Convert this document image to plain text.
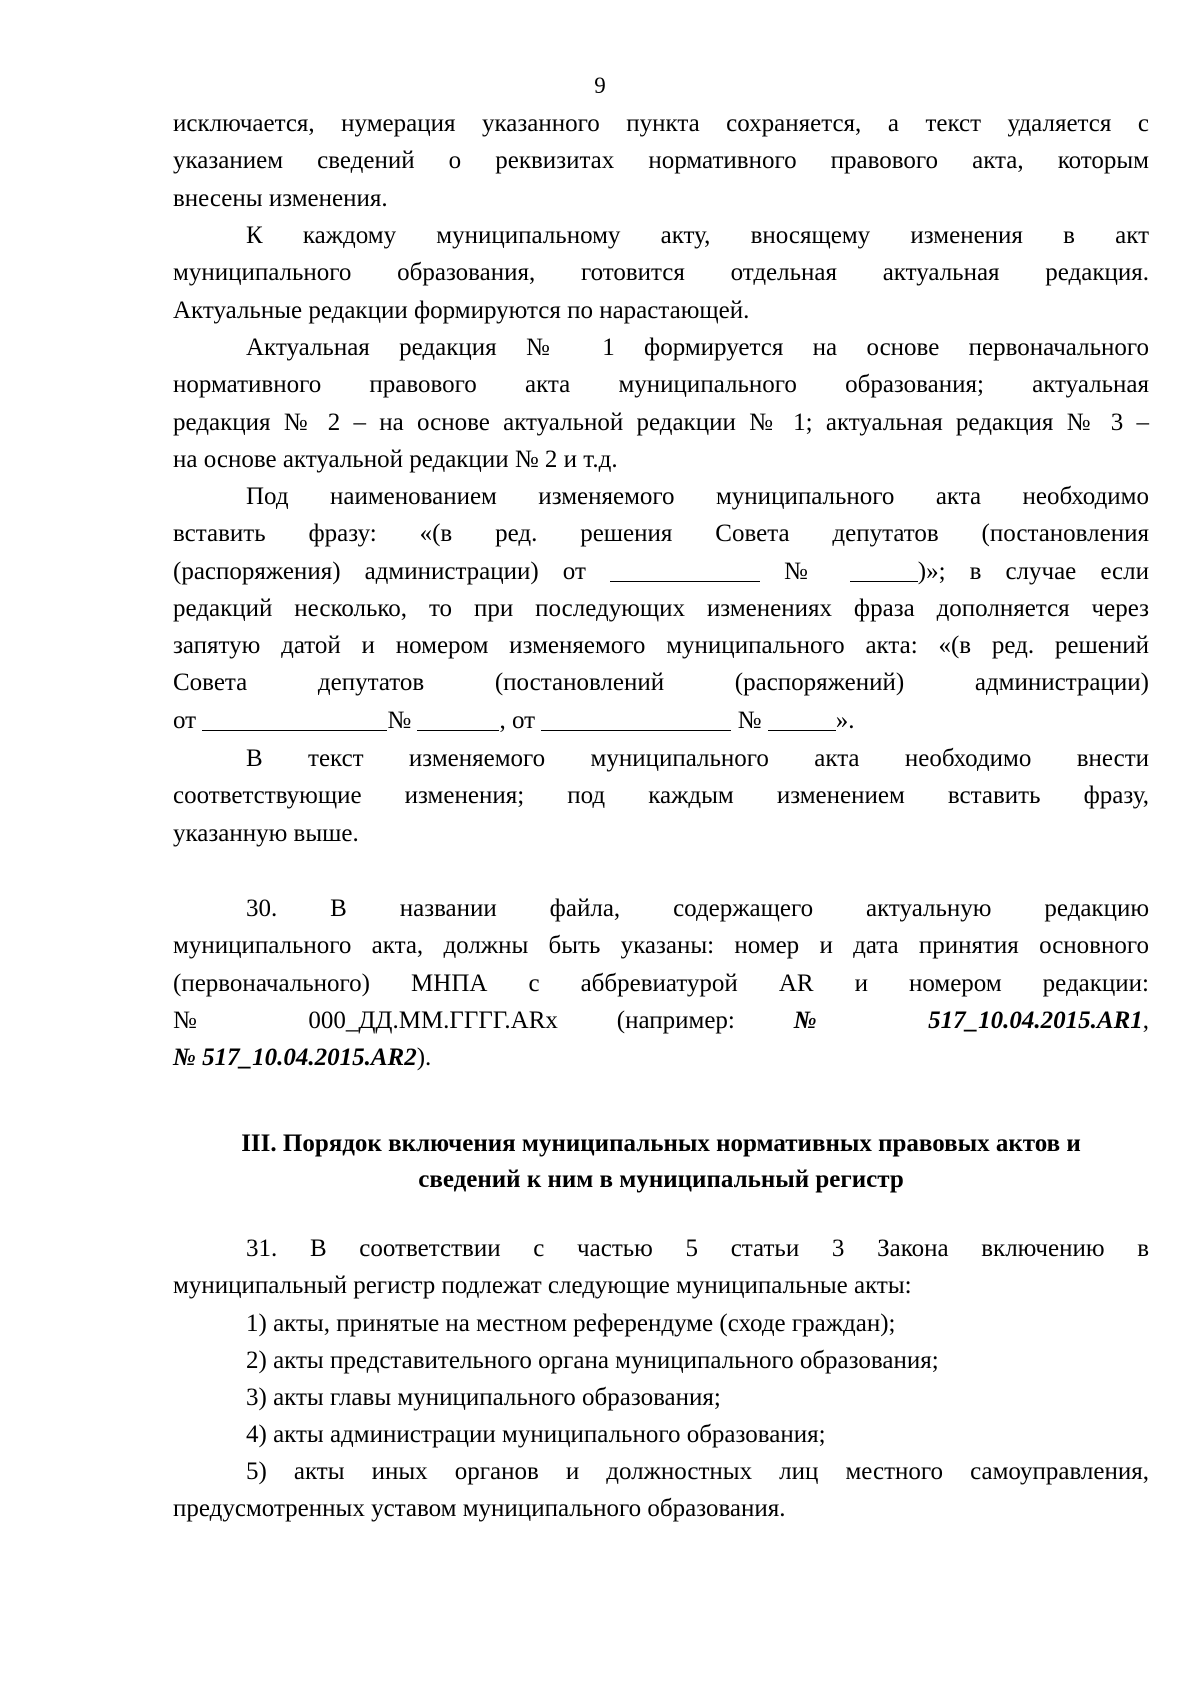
9
исключается, нумерация указанного пункта сохраняется, а текст удаляется с
указанием сведений о реквизитах нормативного правового акта, которым
внесены изменения.
К каждому муниципальному акту, вносящему изменения в акт
муниципального образования, готовится отдельная актуальная редакция.
Актуальные редакции формируются по нарастающей.
Актуальная редакция № 1 формируется на основе первоначального
нормативного правового акта муниципального образования; актуальная
редакция № 2 – на основе актуальной редакции № 1; актуальная редакция № 3 –
на основе актуальной редакции № 2 и т.д.
Под наименованием изменяемого муниципального акта необходимо
вставить фразу: «(в ред. решения Совета депутатов (постановления
(распоряжения) администрации) от	№	)»; в случае если
редакций несколько, то при последующих изменениях фраза дополняется через
запятую датой и номером изменяемого муниципального акта: «(в ред. решений
Совета депутатов (постановлений (распоряжений) администрации)
от	№	, от	№	».
В текст изменяемого муниципального акта необходимо внести
соответствующие изменения; под каждым изменением вставить фразу,
указанную выше.
30. В названии файла, содержащего актуальную редакцию
муниципального акта, должны быть указаны: номер и дата принятия основного
(первоначального) МНПА с аббревиатурой AR и номером редакции:
№ 000_ДД.ММ.ГГГГ.ARx (например: № 517_10.04.2015.AR1,
№ 517_10.04.2015.AR2).
III. Порядок включения муниципальных нормативных правовых актов и
сведений к ним в муниципальный регистр
31. В соответствии с частью 5 статьи 3 Закона включению в
муниципальный регистр подлежат следующие муниципальные акты:
1) акты, принятые на местном референдуме (сходе граждан);
2) акты представительного органа муниципального образования;
3) акты главы муниципального образования;
4) акты администрации муниципального образования;
5) акты иных органов и должностных лиц местного самоуправления,
предусмотренных уставом муниципального образования.
